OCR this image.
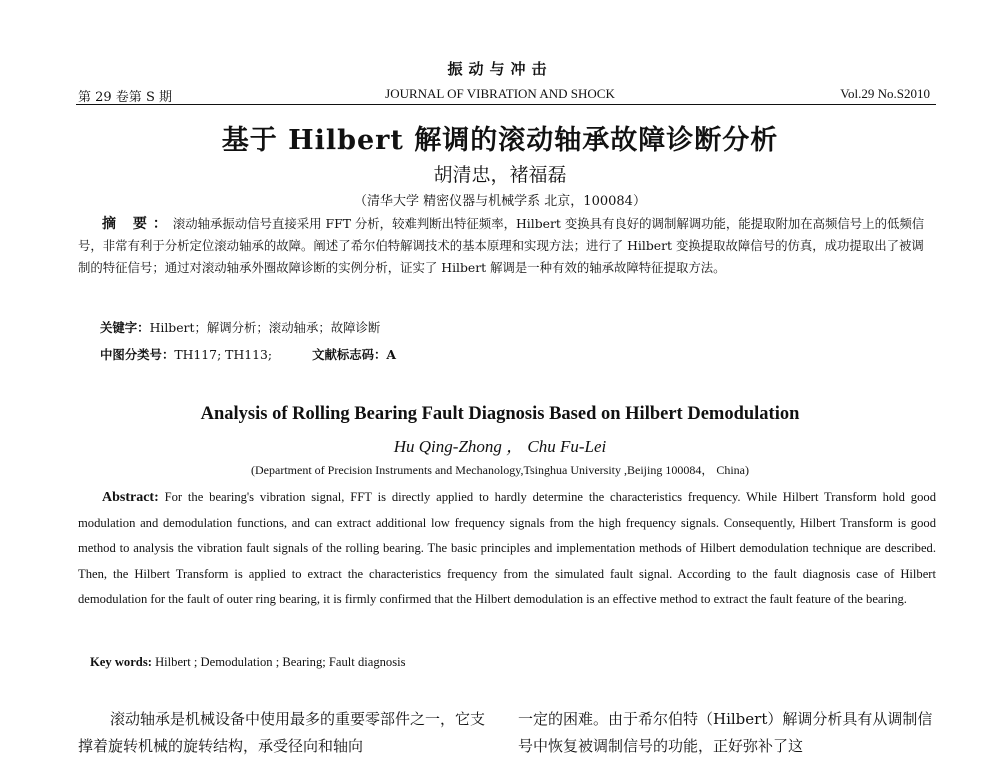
振动与冲击
第 29 卷第 S 期	JOURNAL OF VIBRATION AND SHOCK	Vol.29 No.S2010
基于 Hilbert 解调的滚动轴承故障诊断分析
胡清忠，褚福磊
（清华大学 精密仪器与机械学系 北京，100084）
摘 要：滚动轴承振动信号直接采用 FFT 分析，较难判断出特征频率，Hilbert 变换具有良好的调制解调功能，能提取附加在高频信号上的低频信号，非常有利于分析定位滚动轴承的故障。阐述了希尔伯特解调技术的基本原理和实现方法；进行了 Hilbert 变换提取故障信号的仿真，成功提取出了被调制的特征信号；通过对滚动轴承外圈故障诊断的实例分析，证实了 Hilbert 解调是一种有效的轴承故障特征提取方法。
关键字：Hilbert；解调分析；滚动轴承；故障诊断
中图分类号：TH117; TH113;	文献标志码：A
Analysis of Rolling Bearing Fault Diagnosis Based on Hilbert Demodulation
Hu Qing-Zhong ， Chu Fu-Lei
(Department of Precision Instruments and Mechanology,Tsinghua University ,Beijing 100084， China)
Abstract: For the bearing's vibration signal, FFT is directly applied to hardly determine the characteristics frequency. While Hilbert Transform hold good modulation and demodulation functions, and can extract additional low frequency signals from the high frequency signals. Consequently, Hilbert Transform is good method to analysis the vibration fault signals of the rolling bearing. The basic principles and implementation methods of Hilbert demodulation technique are described. Then, the Hilbert Transform is applied to extract the characteristics frequency from the simulated fault signal. According to the fault diagnosis case of Hilbert demodulation for the fault of outer ring bearing, it is firmly confirmed that the Hilbert demodulation is an effective method to extract the fault feature of the bearing.
Key words: Hilbert ; Demodulation ; Bearing; Fault diagnosis
滚动轴承是机械设备中使用最多的重要零部件之一，它支撑着旋转机械的旋转结构，承受径向和轴向
一定的困难。由于希尔伯特（Hilbert）解调分析具有从调制信号中恢复被调制信号的功能，正好弥补了这
